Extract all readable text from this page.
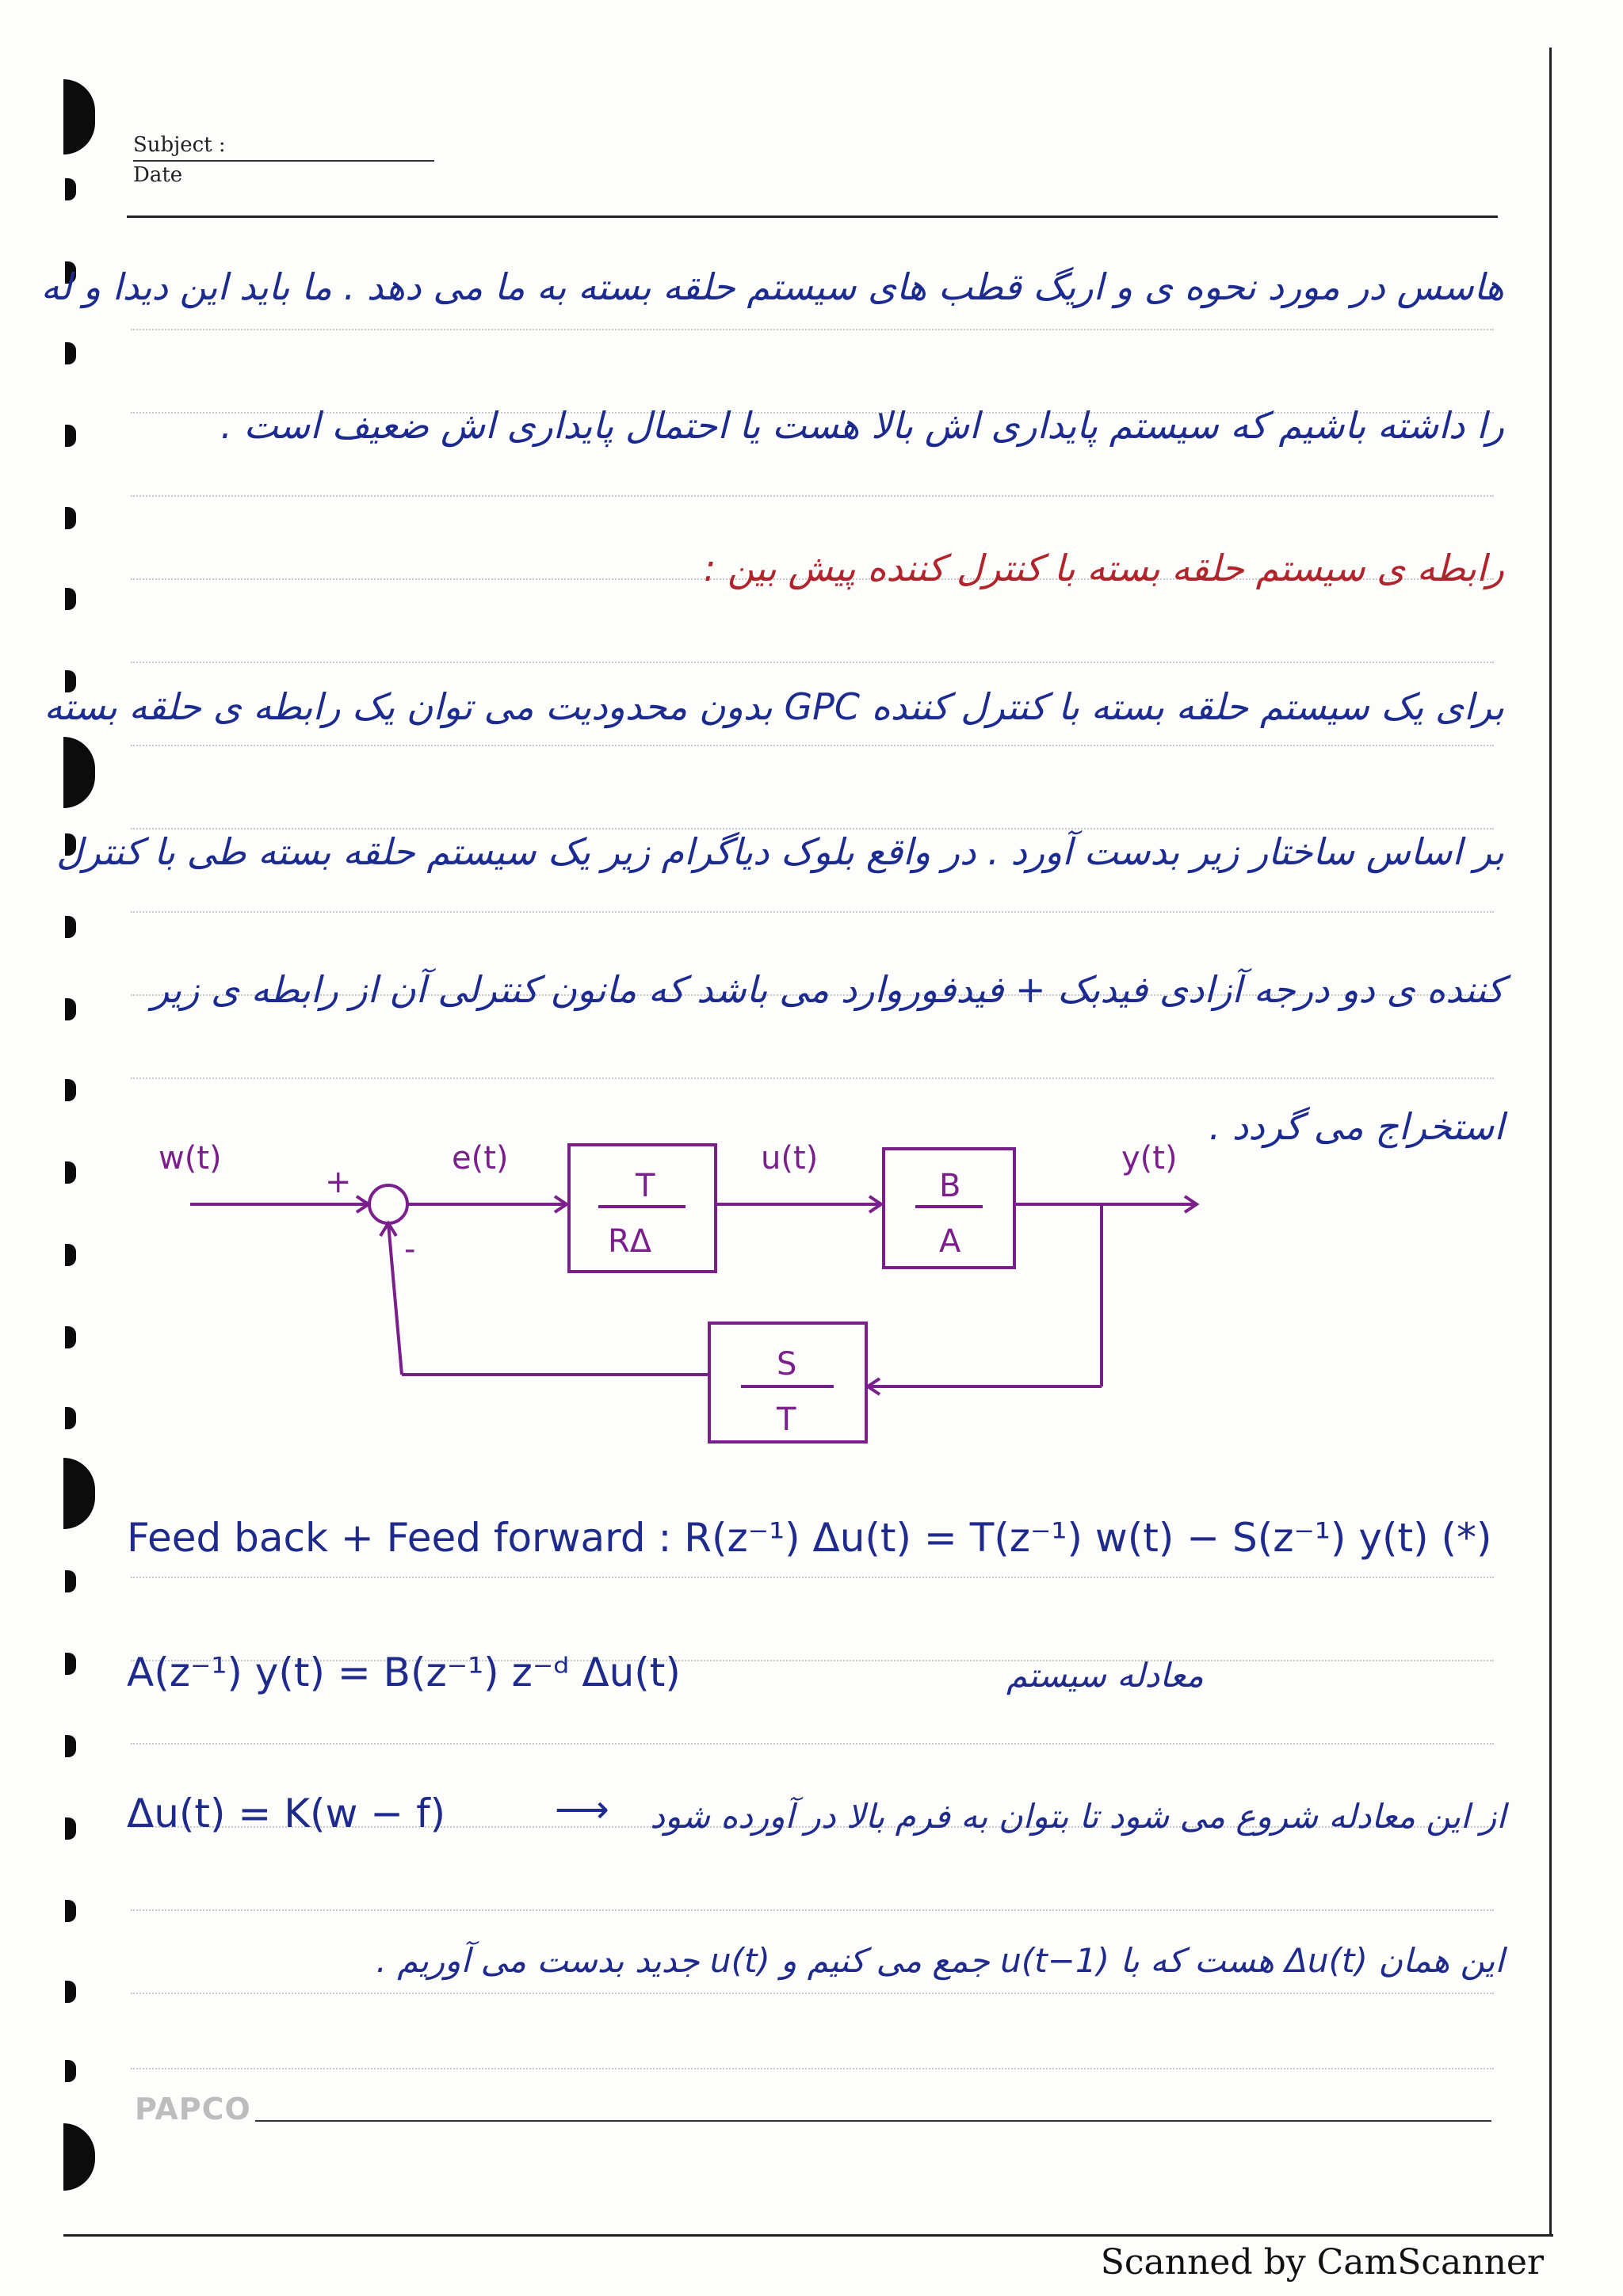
Subject :
Date
هاسس در مورد نحوه ی و اریگ قطب های سیستم حلقه بسته به ما می دهد . ما باید این دیدا و له
را داشته باشیم که سیستم پایداری اش بالا هست یا احتمال پایداری اش ضعیف است .
رابطه ی سیستم حلقه بسته با کنترل کننده پیش بین :
برای یک سیستم حلقه بسته با کنترل کننده GPC بدون محدودیت می توان یک رابطه ی حلقه بسته
بر اساس ساختار زیر بدست آورد . در واقع بلوک دیاگرام زیر یک سیستم حلقه بسته طی با کنترل
کننده ی دو درجه آزادی فیدبک + فیدفوروارد می باشد که مانون کنترلی آن از رابطه ی زیر
استخراج می گردد .
w(t)
+
-
e(t)
T
RΔ
u(t)
B
A
y(t)
S
T
Feed back + Feed forward : R(z⁻¹) Δu(t) = T(z⁻¹) w(t) − S(z⁻¹) y(t) (*)
A(z⁻¹) y(t) = B(z⁻¹) z⁻ᵈ Δu(t)	معادله سیستم
Δu(t) = K(w − f)	⟶ از این معادله شروع می شود تا بتوان به فرم بالا در آورده شود
این همان Δu(t) هست که با u(t−1) جمع می کنیم و u(t) جدید بدست می آوریم .
PAPCO
Scanned by CamScanner
